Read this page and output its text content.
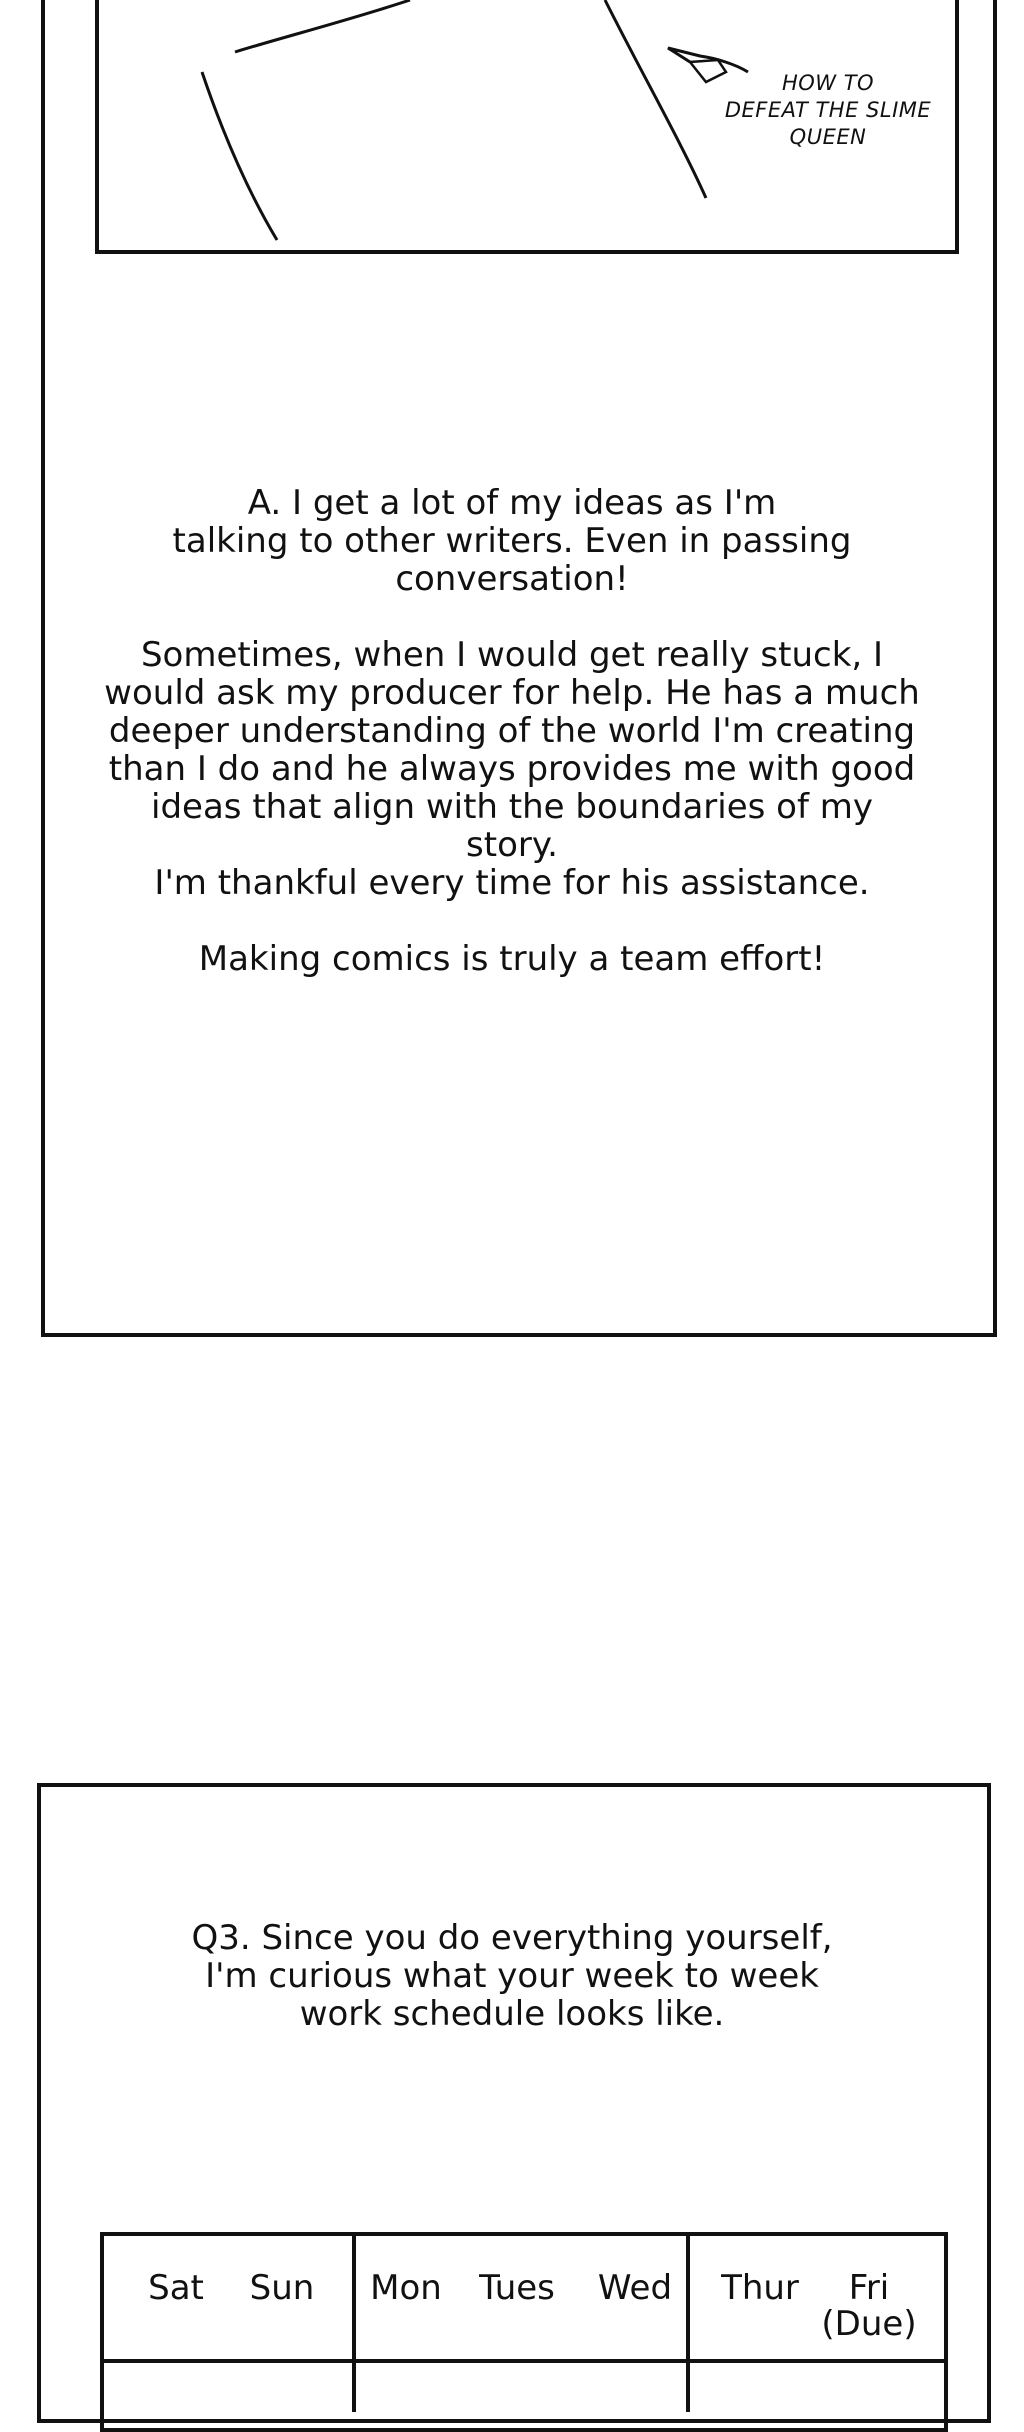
HOW TO
DEFEAT THE SLIME
QUEEN

A. I get a lot of my ideas as I'm
talking to other writers. Even in passing
conversation!

Sometimes, when I would get really stuck, I
would ask my producer for help. He has a much
deeper understanding of the world I'm creating
than I do and he always provides me with good
ideas that align with the boundaries of my story.
I'm thankful every time for his assistance.

Making comics is truly a team effort!

Q3. Since you do everything yourself,
I'm curious what your week to week
work schedule looks like.

Sat	Sun Mon	Tues	Wed	Thur	Fri
(Due)
